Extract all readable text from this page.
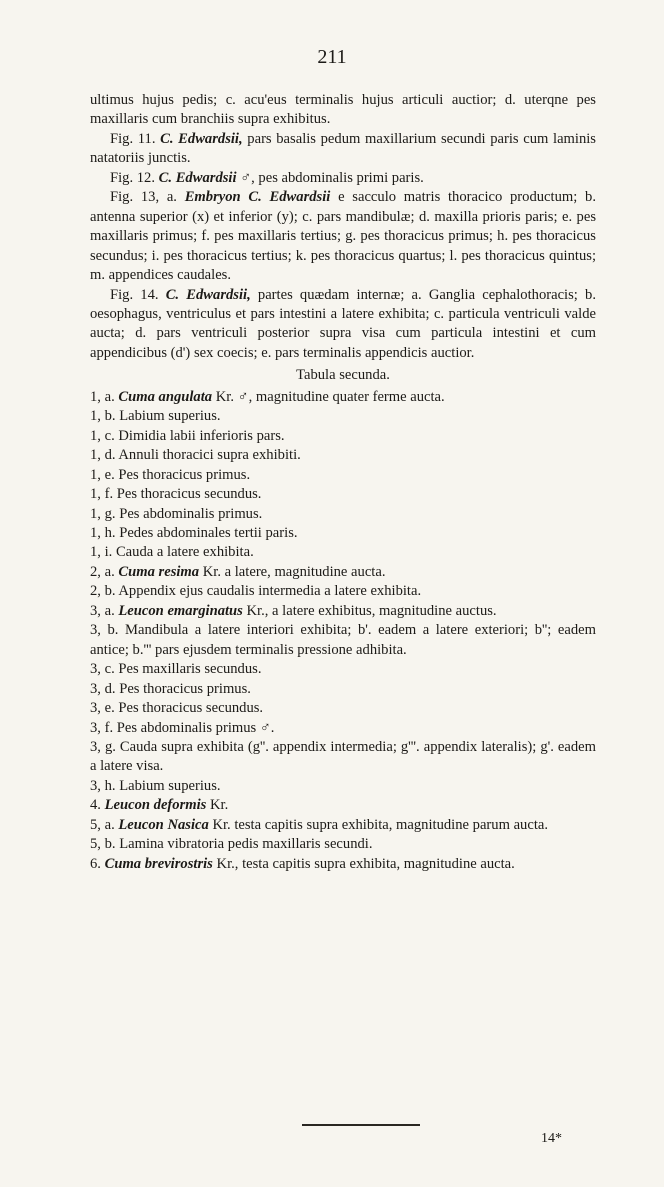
211

ultimus hujus pedis; c. acu'eus terminalis hujus articuli auctior; d. uterqne pes maxillaris cum branchiis supra exhibitus.

Fig. 11. C. Edwardsii, pars basalis pedum maxillarium secundi paris cum laminis natatoriis junctis.

Fig. 12. C. Edwardsii ♂, pes abdominalis primi paris.

Fig. 13, a. Embryon C. Edwardsii e sacculo matris thoracico productum; b. antenna superior (x) et inferior (y); c. pars mandibulæ; d. maxilla prioris paris; e. pes maxillaris primus; f. pes maxillaris tertius; g. pes thoracicus primus; h. pes thoracicus secundus; i. pes thoracicus tertius; k. pes thoracicus quartus; l. pes thoracicus quintus; m. appendices caudales.

Fig. 14. C. Edwardsii, partes quædam internæ; a. Ganglia cephalothoracis; b. oesophagus, ventriculus et pars intestini a latere exhibita; c. particula ventriculi valde aucta; d. pars ventriculi posterior supra visa cum particula intestini et cum appendicibus (d') sex coecis; e. pars terminalis appendicis auctior.

Tabula secunda.

1, a. Cuma angulata Kr. ♂, magnitudine quater ferme aucta.

1, b. Labium superius.

1, c. Dimidia labii inferioris pars.

1, d. Annuli thoracici supra exhibiti.

1, e. Pes thoracicus primus.

1, f. Pes thoracicus secundus.

1, g. Pes abdominalis primus.

1, h. Pedes abdominales tertii paris.

1, i. Cauda a latere exhibita.

2, a. Cuma resima Kr. a latere, magnitudine aucta.

2, b. Appendix ejus caudalis intermedia a latere exhibita.

3, a. Leucon emarginatus Kr., a latere exhibitus, magnitudine auctus.

3, b. Mandibula a latere interiori exhibita; b'. eadem a latere exteriori; b''; eadem antice; b.''' pars ejusdem terminalis pressione adhibita.

3, c. Pes maxillaris secundus.

3, d. Pes thoracicus primus.

3, e. Pes thoracicus secundus.

3, f. Pes abdominalis primus ♂.

3, g. Cauda supra exhibita (g''. appendix intermedia; g'''. appendix lateralis); g'. eadem a latere visa.

3, h. Labium superius.

4. Leucon deformis Kr.

5, a. Leucon Nasica Kr. testa capitis supra exhibita, magnitudine parum aucta.

5, b. Lamina vibratoria pedis maxillaris secundi.

6. Cuma brevirostris Kr., testa capitis supra exhibita, magnitudine aucta.

14*
